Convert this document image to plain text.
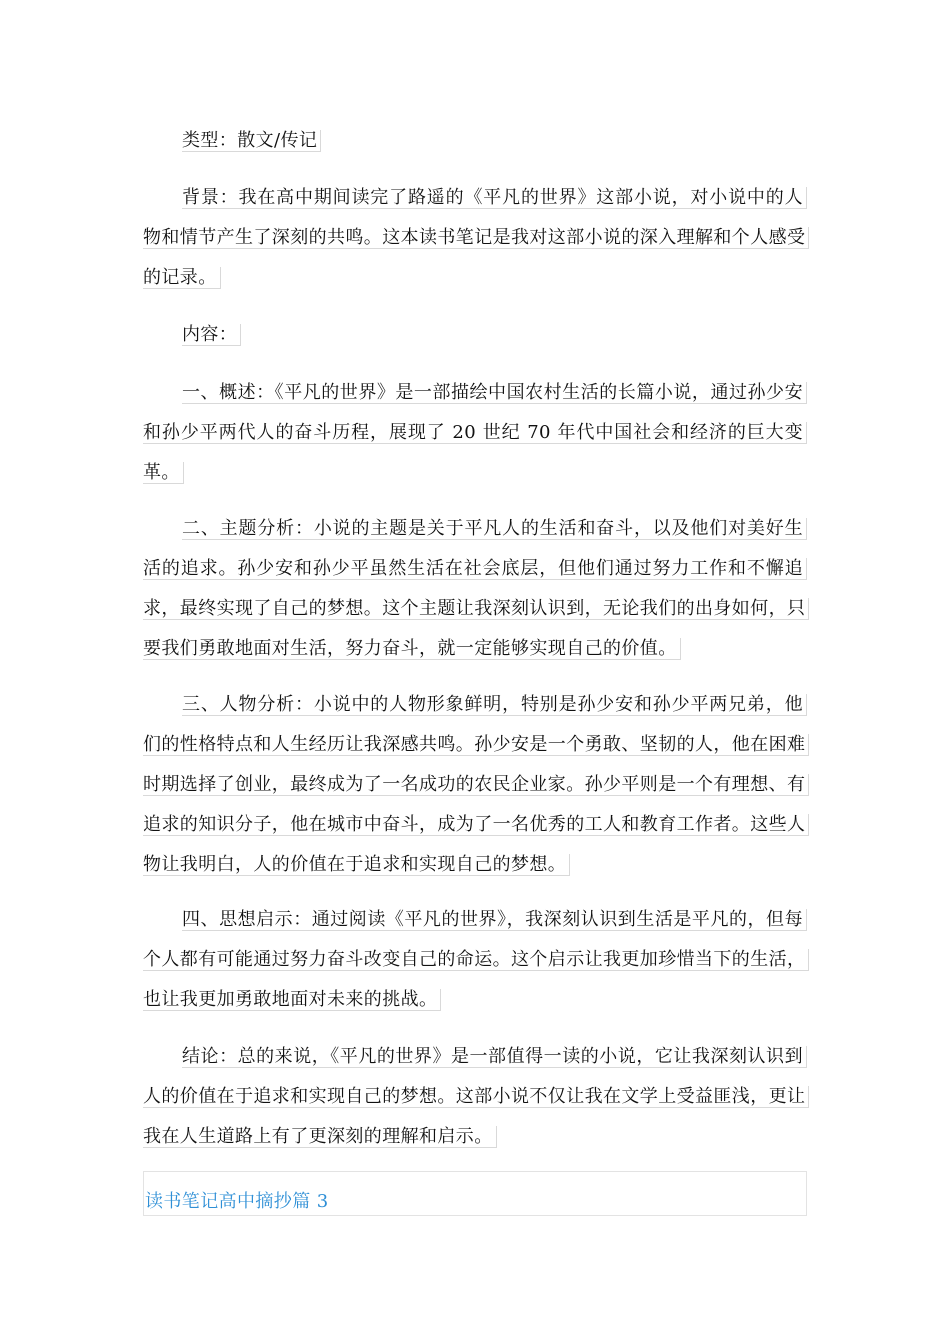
类型：散文/传记

背景：我在高中期间读完了路遥的《平凡的世界》这部小说，对小说中的人物和情节产生了深刻的共鸣。这本读书笔记是我对这部小说的深入理解和个人感受的记录。

内容：

一、概述：《平凡的世界》是一部描绘中国农村生活的长篇小说，通过孙少安和孙少平两代人的奋斗历程，展现了 20 世纪 70 年代中国社会和经济的巨大变革。

二、主题分析：小说的主题是关于平凡人的生活和奋斗，以及他们对美好生活的追求。孙少安和孙少平虽然生活在社会底层，但他们通过努力工作和不懈追求，最终实现了自己的梦想。这个主题让我深刻认识到，无论我们的出身如何，只要我们勇敢地面对生活，努力奋斗，就一定能够实现自己的价值。

三、人物分析：小说中的人物形象鲜明，特别是孙少安和孙少平两兄弟，他们的性格特点和人生经历让我深感共鸣。孙少安是一个勇敢、坚韧的人，他在困难时期选择了创业，最终成为了一名成功的农民企业家。孙少平则是一个有理想、有追求的知识分子，他在城市中奋斗，成为了一名优秀的工人和教育工作者。这些人物让我明白，人的价值在于追求和实现自己的梦想。

四、思想启示：通过阅读《平凡的世界》，我深刻认识到生活是平凡的，但每个人都有可能通过努力奋斗改变自己的命运。这个启示让我更加珍惜当下的生活，也让我更加勇敢地面对未来的挑战。

结论：总的来说，《平凡的世界》是一部值得一读的小说，它让我深刻认识到人的价值在于追求和实现自己的梦想。这部小说不仅让我在文学上受益匪浅，更让我在人生道路上有了更深刻的理解和启示。

读书笔记高中摘抄篇 3
